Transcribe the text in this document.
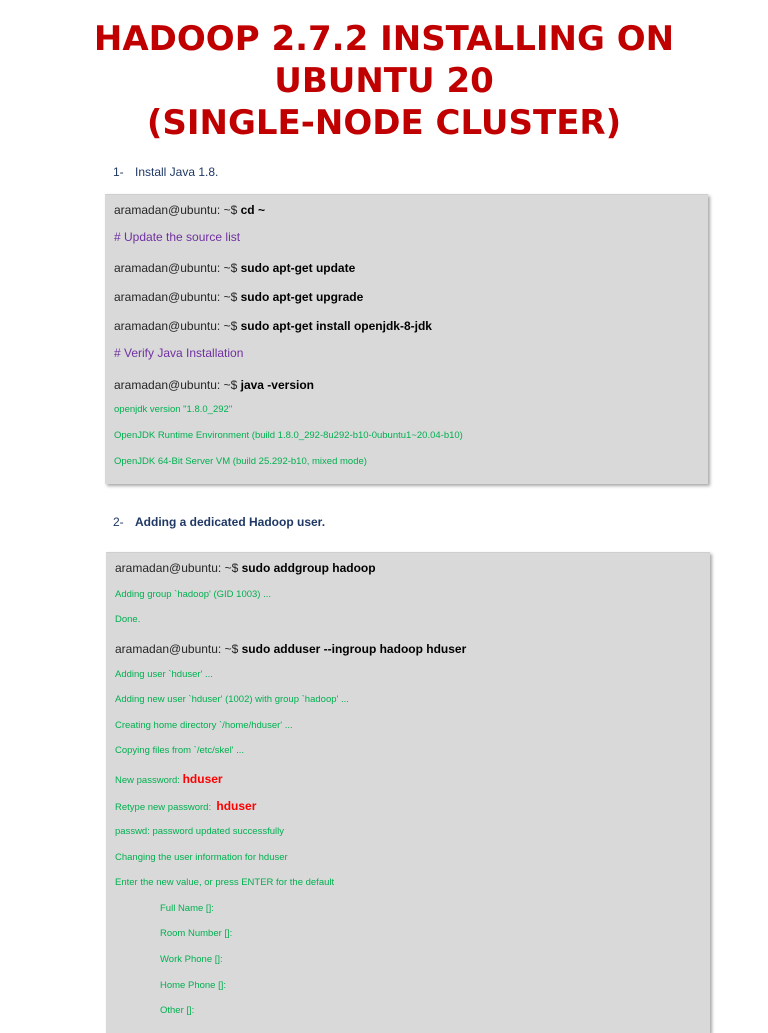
HADOOP 2.7.2 INSTALLING ON
UBUNTU 20
(SINGLE-NODE CLUSTER)
1- Install Java 1.8.
aramadan@ubuntu: ~$ cd ~
# Update the source list
aramadan@ubuntu: ~$ sudo apt-get update
aramadan@ubuntu: ~$ sudo apt-get upgrade
aramadan@ubuntu: ~$ sudo apt-get install openjdk-8-jdk
# Verify Java Installation
aramadan@ubuntu: ~$ java -version
openjdk version "1.8.0_292"
OpenJDK Runtime Environment (build 1.8.0_292-8u292-b10-0ubuntu1~20.04-b10)
OpenJDK 64-Bit Server VM (build 25.292-b10, mixed mode)
2- Adding a dedicated Hadoop user.
aramadan@ubuntu: ~$ sudo addgroup hadoop
Adding group `hadoop' (GID 1003) ...
Done.
aramadan@ubuntu: ~$ sudo adduser --ingroup hadoop hduser
Adding user `hduser' ...
Adding new user `hduser' (1002) with group `hadoop' ...
Creating home directory `/home/hduser' ...
Copying files from `/etc/skel' ...
New password: hduser
Retype new password:  hduser
passwd: password updated successfully
Changing the user information for hduser
Enter the new value, or press ENTER for the default
Full Name []:
Room Number []:
Work Phone []:
Home Phone []:
Other []:
